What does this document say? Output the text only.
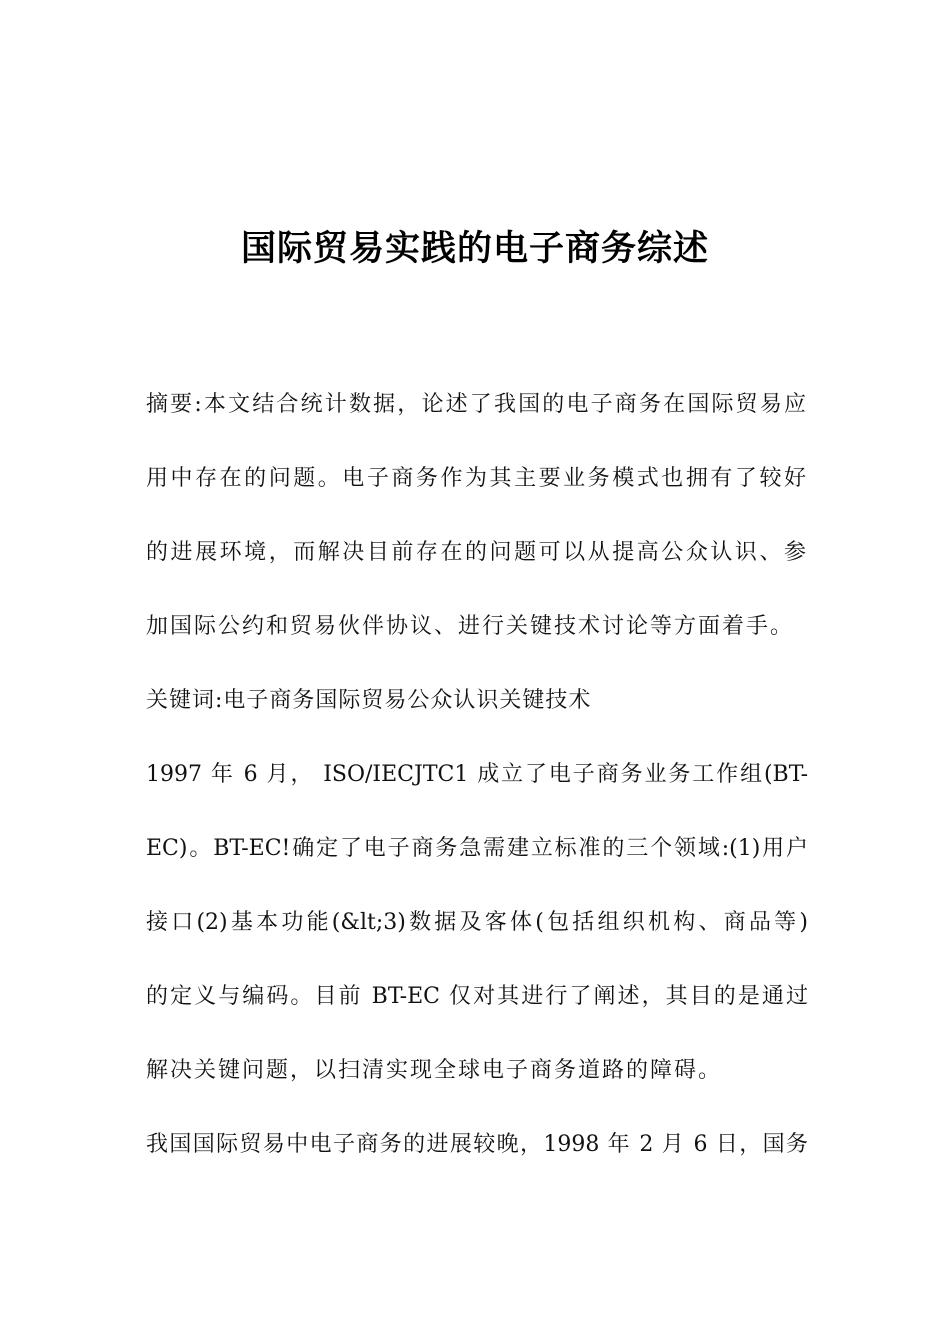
国际贸易实践的电子商务综述
摘要:本文结合统计数据，论述了我国的电子商务在国际贸易应
用中存在的问题。电子商务作为其主要业务模式也拥有了较好
的进展环境，而解决目前存在的问题可以从提高公众认识、参
加国际公约和贸易伙伴协议、进行关键技术讨论等方面着手。
关键词:电子商务国际贸易公众认识关键技术
1997 年 6 月， ISO/IECJTC1 成立了电子商务业务工作组(BT-
EC)。BT-EC!确定了电子商务急需建立标准的三个领域:(1)用户
接口(2)基本功能(&lt;3)数据及客体(包括组织机构、商品等)
的定义与编码。目前 BT-EC 仅对其进行了阐述，其目的是通过
解决关键问题，以扫清实现全球电子商务道路的障碍。
我国国际贸易中电子商务的进展较晚，1998 年 2 月 6 日，国务
